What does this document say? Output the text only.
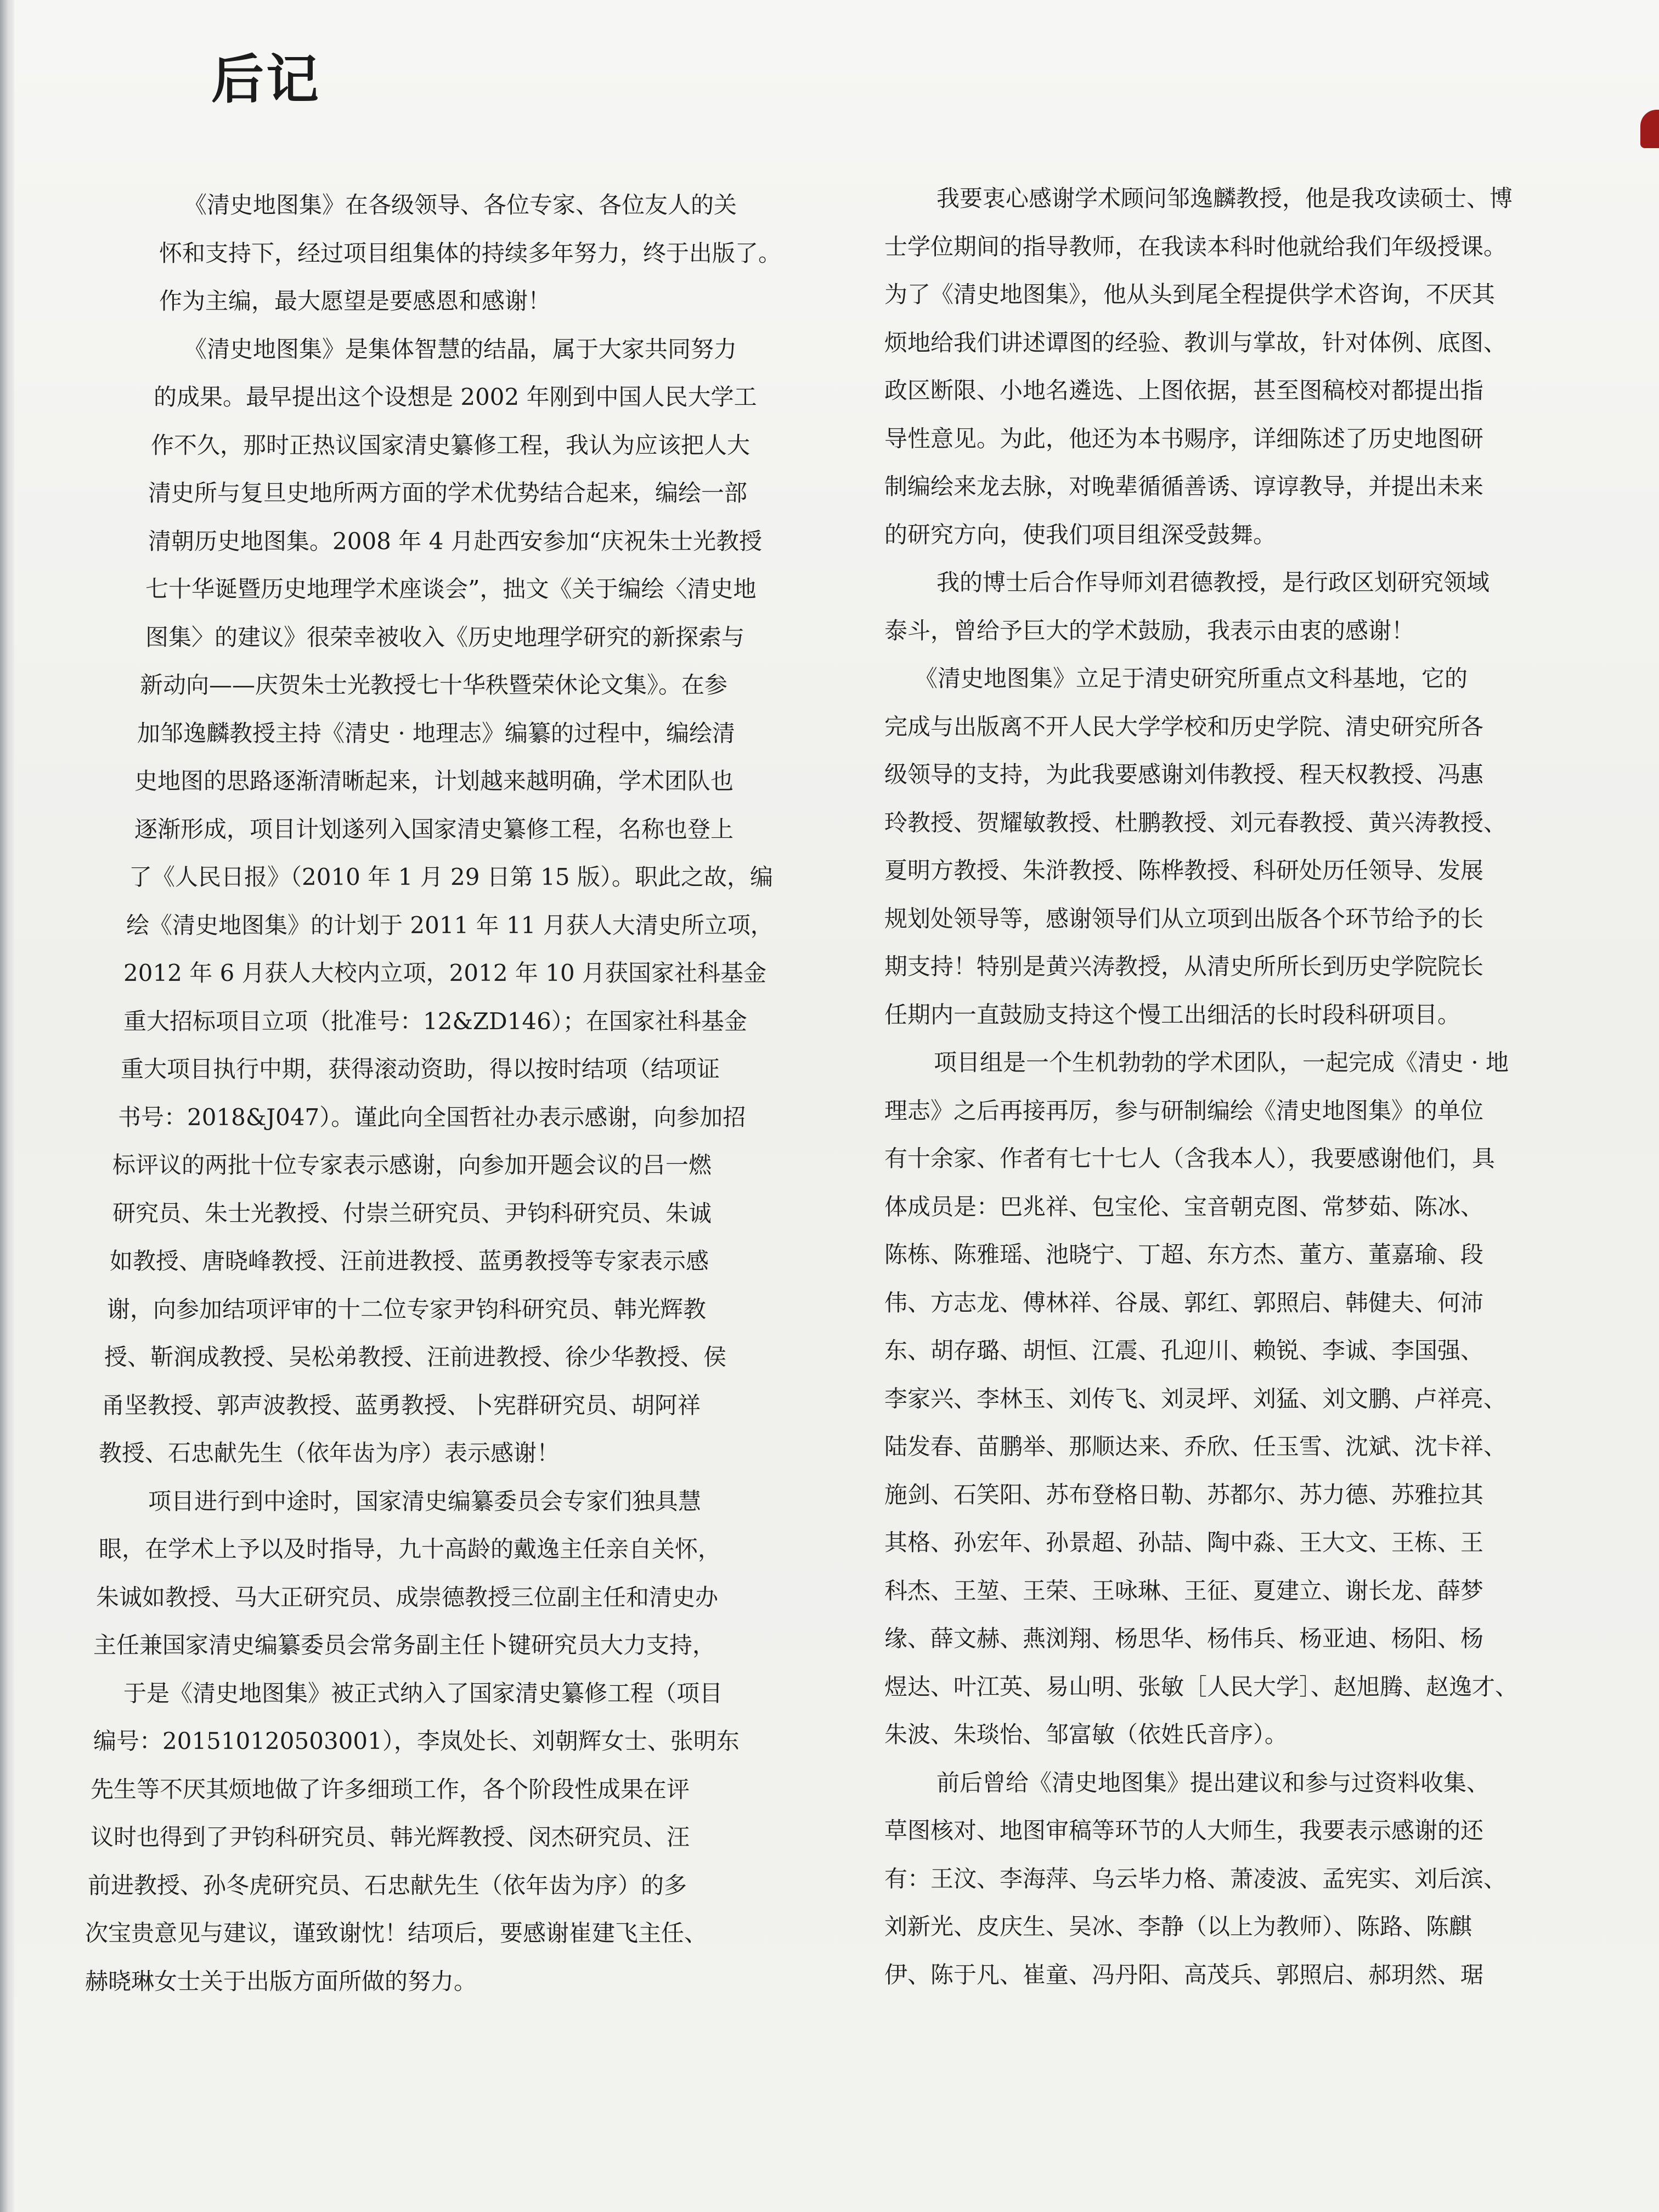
后记
《清史地图集》在各级领导、各位专家、各位友人的关
怀和支持下，经过项目组集体的持续多年努力，终于出版了。
作为主编，最大愿望是要感恩和感谢！
《清史地图集》是集体智慧的结晶，属于大家共同努力
的成果。最早提出这个设想是 2002 年刚到中国人民大学工
作不久，那时正热议国家清史纂修工程，我认为应该把人大
清史所与复旦史地所两方面的学术优势结合起来，编绘一部
清朝历史地图集。2008 年 4 月赴西安参加“庆祝朱士光教授
七十华诞暨历史地理学术座谈会”，拙文《关于编绘〈清史地
图集〉的建议》很荣幸被收入《历史地理学研究的新探索与
新动向——庆贺朱士光教授七十华秩暨荣休论文集》。在参
加邹逸麟教授主持《清史 · 地理志》编纂的过程中，编绘清
史地图的思路逐渐清晰起来，计划越来越明确，学术团队也
逐渐形成，项目计划遂列入国家清史纂修工程，名称也登上
了《人民日报》（2010 年 1 月 29 日第 15 版）。职此之故，编
绘《清史地图集》的计划于 2011 年 11 月获人大清史所立项，
2012 年 6 月获人大校内立项，2012 年 10 月获国家社科基金
重大招标项目立项（批准号：12&ZD146）；在国家社科基金
重大项目执行中期，获得滚动资助，得以按时结项（结项证
书号：2018&J047）。谨此向全国哲社办表示感谢，向参加招
标评议的两批十位专家表示感谢，向参加开题会议的吕一燃
研究员、朱士光教授、付崇兰研究员、尹钧科研究员、朱诚
如教授、唐晓峰教授、汪前进教授、蓝勇教授等专家表示感
谢，向参加结项评审的十二位专家尹钧科研究员、韩光辉教
授、靳润成教授、吴松弟教授、汪前进教授、徐少华教授、侯
甬坚教授、郭声波教授、蓝勇教授、卜宪群研究员、胡阿祥
教授、石忠献先生（依年齿为序）表示感谢！
项目进行到中途时，国家清史编纂委员会专家们独具慧
眼，在学术上予以及时指导，九十高龄的戴逸主任亲自关怀，
朱诚如教授、马大正研究员、成崇德教授三位副主任和清史办
主任兼国家清史编纂委员会常务副主任卜键研究员大力支持，
于是《清史地图集》被正式纳入了国家清史纂修工程（项目
编号：201510120503001），李岚处长、刘朝辉女士、张明东
先生等不厌其烦地做了许多细琐工作，各个阶段性成果在评
议时也得到了尹钧科研究员、韩光辉教授、闵杰研究员、汪
前进教授、孙冬虎研究员、石忠献先生（依年齿为序）的多
次宝贵意见与建议，谨致谢忱！结项后，要感谢崔建飞主任、
赫晓琳女士关于出版方面所做的努力。
我要衷心感谢学术顾问邹逸麟教授，他是我攻读硕士、博
士学位期间的指导教师，在我读本科时他就给我们年级授课。
为了《清史地图集》，他从头到尾全程提供学术咨询，不厌其
烦地给我们讲述谭图的经验、教训与掌故，针对体例、底图、
政区断限、小地名遴选、上图依据，甚至图稿校对都提出指
导性意见。为此，他还为本书赐序，详细陈述了历史地图研
制编绘来龙去脉，对晚辈循循善诱、谆谆教导，并提出未来
的研究方向，使我们项目组深受鼓舞。
我的博士后合作导师刘君德教授，是行政区划研究领域
泰斗，曾给予巨大的学术鼓励，我表示由衷的感谢！
《清史地图集》立足于清史研究所重点文科基地，它的
完成与出版离不开人民大学学校和历史学院、清史研究所各
级领导的支持，为此我要感谢刘伟教授、程天权教授、冯惠
玲教授、贺耀敏教授、杜鹏教授、刘元春教授、黄兴涛教授、
夏明方教授、朱浒教授、陈桦教授、科研处历任领导、发展
规划处领导等，感谢领导们从立项到出版各个环节给予的长
期支持！特别是黄兴涛教授，从清史所所长到历史学院院长
任期内一直鼓励支持这个慢工出细活的长时段科研项目。
项目组是一个生机勃勃的学术团队，一起完成《清史 · 地
理志》之后再接再厉，参与研制编绘《清史地图集》的单位
有十余家、作者有七十七人（含我本人），我要感谢他们，具
体成员是：巴兆祥、包宝伦、宝音朝克图、常梦茹、陈冰、
陈栋、陈雅瑶、池晓宁、丁超、东方杰、董方、董嘉瑜、段
伟、方志龙、傅林祥、谷晟、郭红、郭照启、韩健夫、何沛
东、胡存璐、胡恒、江震、孔迎川、赖锐、李诚、李国强、
李家兴、李林玉、刘传飞、刘灵坪、刘猛、刘文鹏、卢祥亮、
陆发春、苗鹏举、那顺达来、乔欣、任玉雪、沈斌、沈卡祥、
施剑、石笑阳、苏布登格日勒、苏都尔、苏力德、苏雅拉其
其格、孙宏年、孙景超、孙喆、陶中淼、王大文、王栋、王
科杰、王堃、王荣、王咏琳、王征、夏建立、谢长龙、薛梦
缘、薛文赫、燕浏翔、杨思华、杨伟兵、杨亚迪、杨阳、杨
煜达、叶江英、易山明、张敏［人民大学］、赵旭腾、赵逸才、
朱波、朱琰怡、邹富敏（依姓氏音序）。
前后曾给《清史地图集》提出建议和参与过资料收集、
草图核对、地图审稿等环节的人大师生，我要表示感谢的还
有：王汶、李海萍、乌云毕力格、萧凌波、孟宪实、刘后滨、
刘新光、皮庆生、吴冰、李静（以上为教师）、陈路、陈麒
伊、陈于凡、崔童、冯丹阳、高茂兵、郭照启、郝玥然、琚
